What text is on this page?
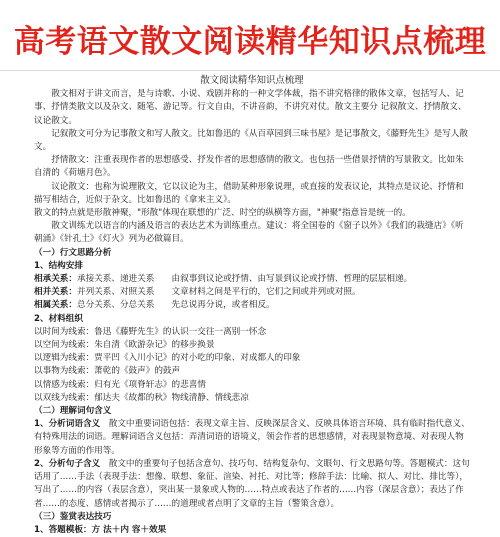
高考语文散文阅读精华知识点梳理
散文阅读精华知识点梳理

散文相对于讲文而言，是与诗歌、小说、戏剧并称的一种文学体裁，指不讲究格律的散体文章，包括写人、记事、抒情类散文以及杂文、随笔、游记等。行文自由，不讲音韵，不讲究对仗。散文主要分 记叙散文、抒情散文、议论散文。

记叙散文可分为记事散文和写人散文。比如鲁迅的《从百草园到三味书屋》是记事散文，《藤野先生》是写人散文。

抒情散文：注重表现作者的思想感受、抒发作者的思想感情的散文。也包括一些借景抒情的写景散文。比如朱自清的《荷塘月色》。

议论散文：也称为说理散文，它以议论为主，借助某种形象说理，或直接的发表议论，其特点是议论、抒情和描写相结合，近似于杂文。比如鲁迅的《拿来主义》。

散文的特点就是形散神聚，"形散"体现在联想的广泛、时空的纵横等方面，"神聚"指意旨是统一的。

散文训练尤以语言的内涵及语言的表达艺术为训练重点。建议：将全国卷的《窗子以外》《我们的栽缝店》《听朝涌》《针孔土》《灯火》列为必做篇目。

（一）行文思路分析

1、结构安排

相承关系：承接关系、递进关系　　由叙事到议论或抒情、由写景到议论或抒情、哲理的层层相递。

相并关系：并列关系、对照关系　　文章材料之间是平行的，它们之间或并列或对照。

相属关系：总分关系、分总关系　　先总说再分说，或者相反。

2、材料组织

以时间为线索：鲁迅《藤野先生》的认识一交往一离别一怀念

以空间为线索：朱自清《欧游杂记》的移步换景

以逻辑为线索：贾平凹《入川小记》的对小吃的印象、对成都人的印象

以事物为线索：萧乾的《鼓声》的鼓声

以情感为线索：归有光《项脊轩志》的悲喜情

以双线为线索：郁达夫《故都的秋》物线清静、情线悲凉

（二）理解词句含义

1、分析词语含义　散文中重要词语包括：表现文章主旨、反映深层含义、反映具体语言环境、具有临时指代意义、有特殊用法的词语。理解词语含义包括：弄清词语的语境义，领会作者的思想感情，对表现景物意境、对表现人物形象等方面的作用等。

2、分析句子含义　散文中的重要句子包括含意句、技巧句、结构复杂句、文眼句、行文思路句等。答题模式：这句话用了……手法（表现手法：想像、联想、象征、渲染、衬托、对比等；修辞手法：比喻、拟人、对比、排比等），写出了……的内容（表层含意），突出某一景象或人物的……特点或表达了作者的……内容（深层含意）；表达了作者……的态度、感情或者揭示了……的道理或者点明了文章的主旨（警策含意）。

（三）鉴赏表达技巧

1、答题模板：方 法＋内 容＋效果
